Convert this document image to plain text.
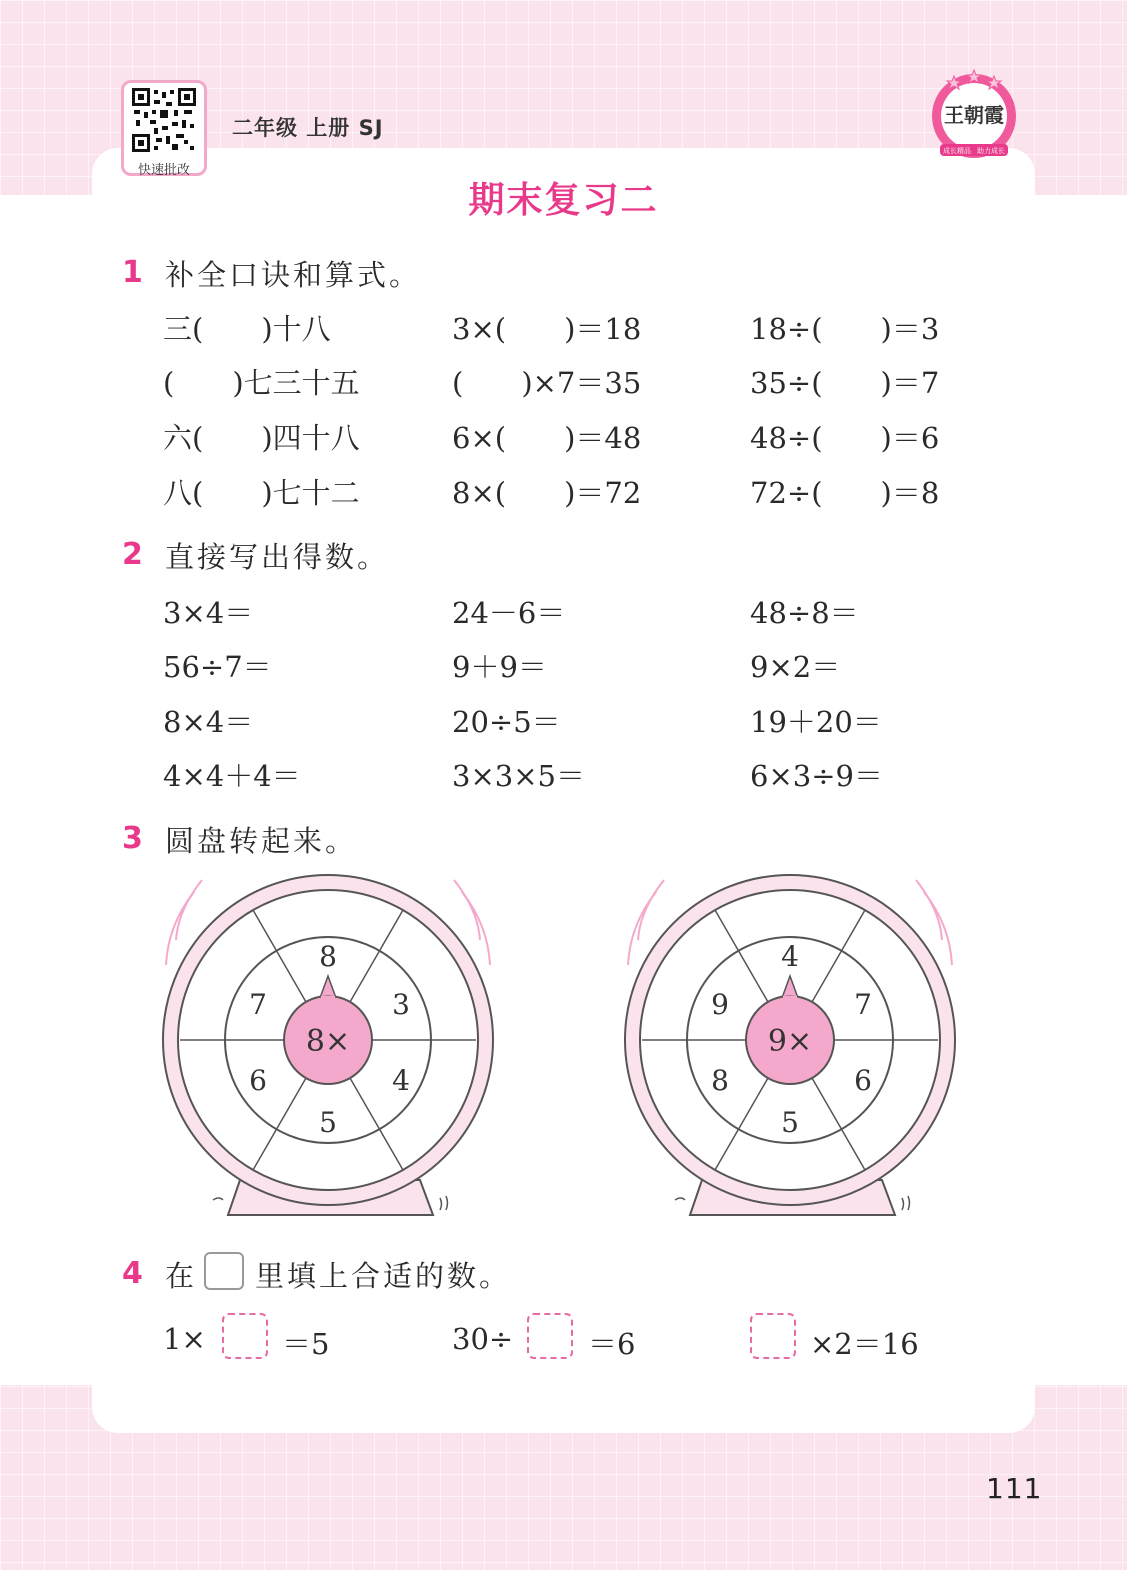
快速批改
二年级 上册 SJ
王朝霞
成长精品 助力成长
期末复习二
1 补全口诀和算式。
三(　　)十八	3×(　　)＝18	18÷(　　)＝3
(　　)七三十五	(　　)×7＝35	35÷(　　)＝7
六(　　)四十八	6×(　　)＝48	48÷(　　)＝6
八(　　)七十二	8×(　　)＝72	72÷(　　)＝8
2 直接写出得数。
3×4＝	24－6＝	48÷8＝
56÷7＝	9＋9＝	9×2＝
8×4＝	20÷5＝	19＋20＝
4×4＋4＝	3×3×5＝	6×3÷9＝
3 圆盘转起来。
8×
8
3
4
5
6
7
9×
4
7
6
5
8
9
4 在 里填上合适的数。
1×	＝5	30÷	＝6	×2＝16
111
